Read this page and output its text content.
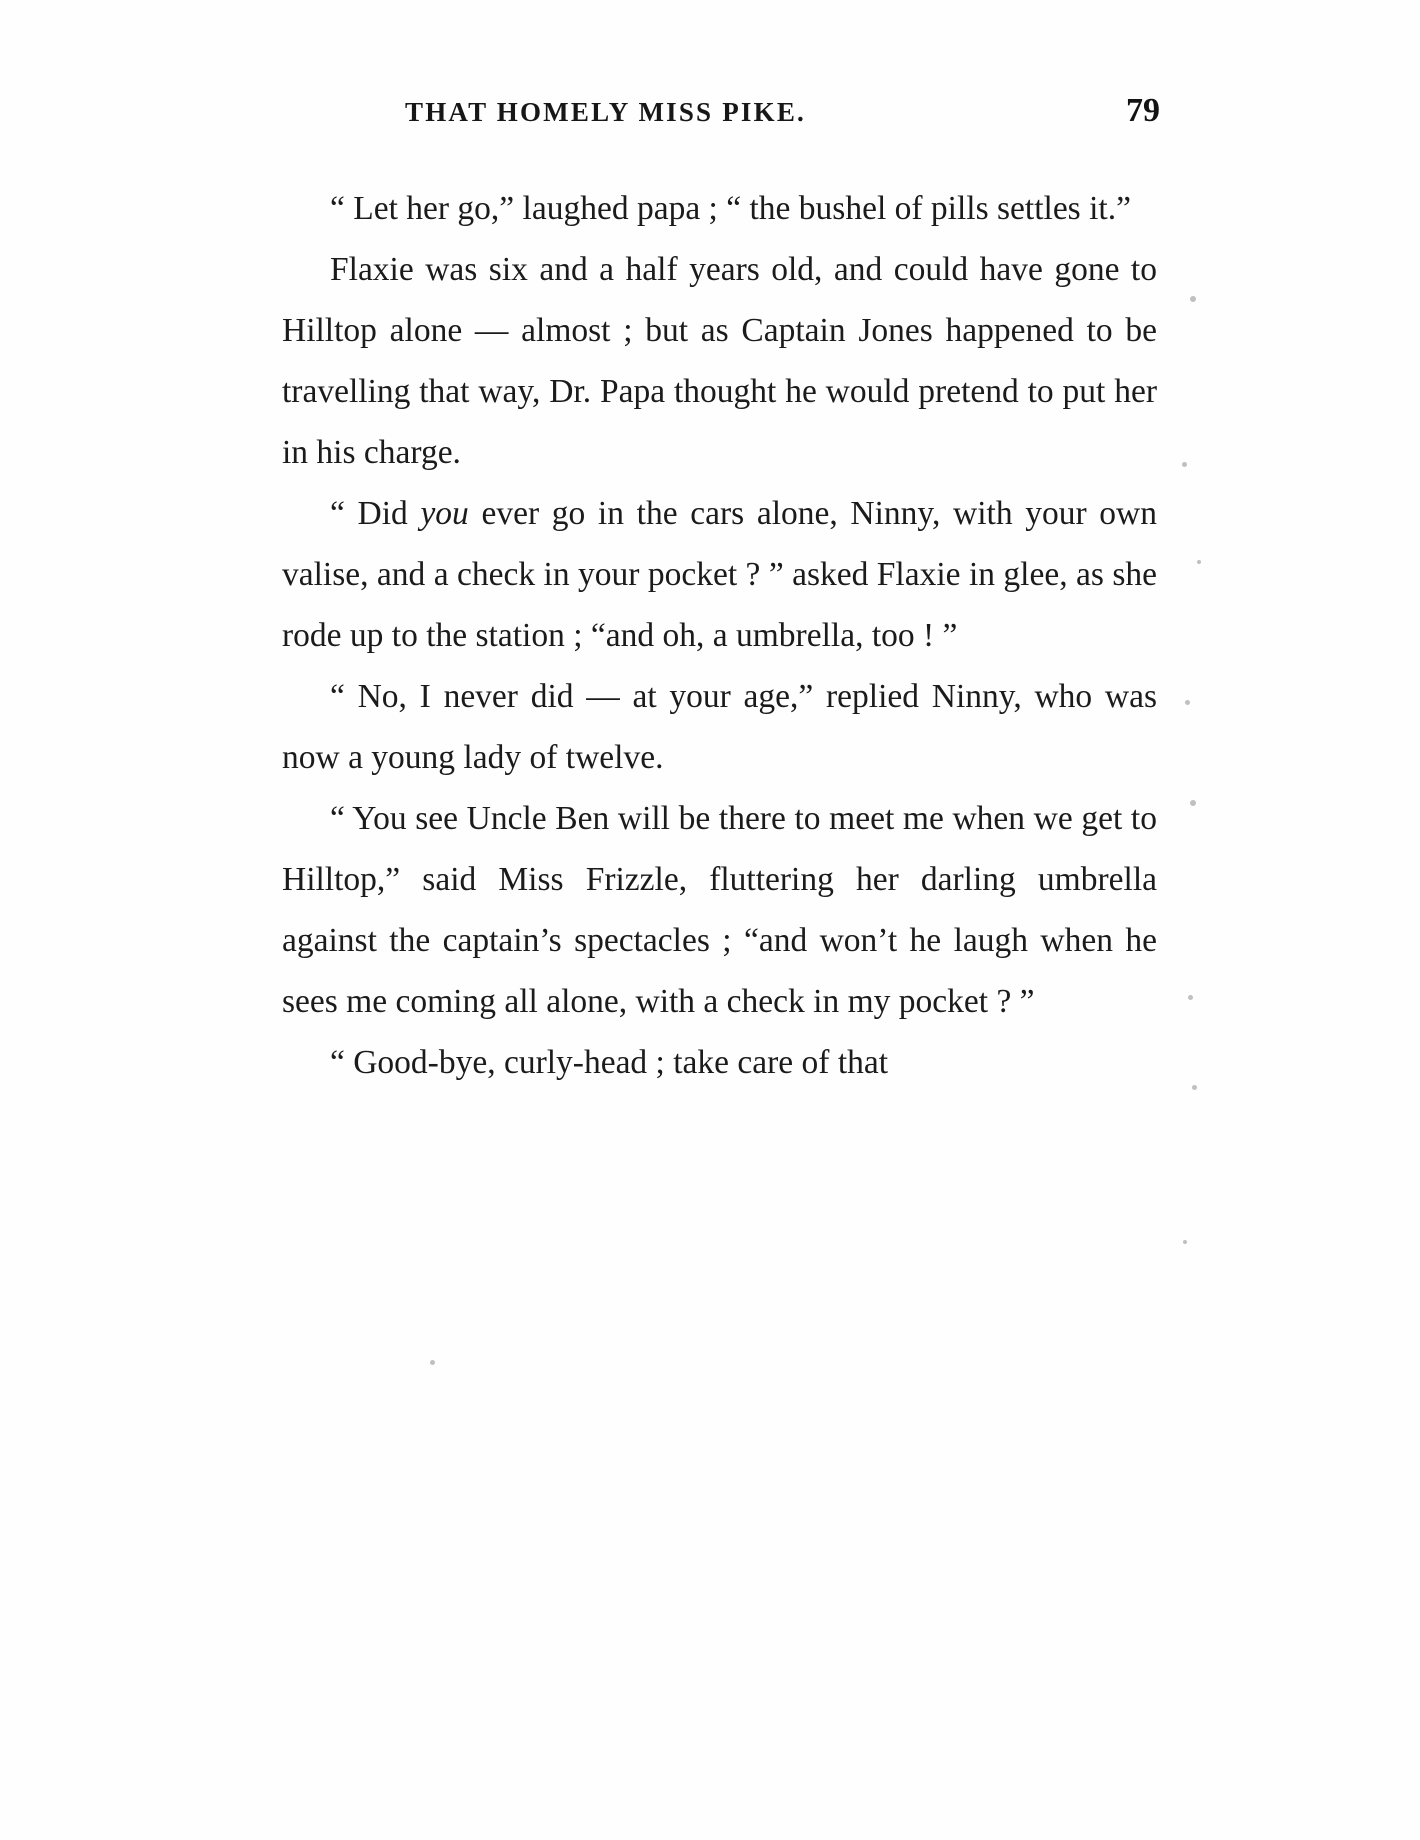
THAT HOMELY MISS PIKE.	79

“ Let her go,” laughed papa ; “ the bushel of pills settles it.”

Flaxie was six and a half years old, and could have gone to Hilltop alone — almost ; but as Captain Jones happened to be travelling that way, Dr. Papa thought he would pretend to put her in his charge.

“ Did you ever go in the cars alone, Ninny, with your own valise, and a check in your pocket ? ” asked Flaxie in glee, as she rode up to the station ; “and oh, a umbrella, too ! ”

“ No, I never did — at your age,” replied Ninny, who was now a young lady of twelve.

“ You see Uncle Ben will be there to meet me when we get to Hilltop,” said Miss Frizzle, fluttering her darling umbrella against the captain’s spectacles ; “and won’t he laugh when he sees me coming all alone, with a check in my pocket ? ”

“ Good-bye, curly-head ; take care of that
